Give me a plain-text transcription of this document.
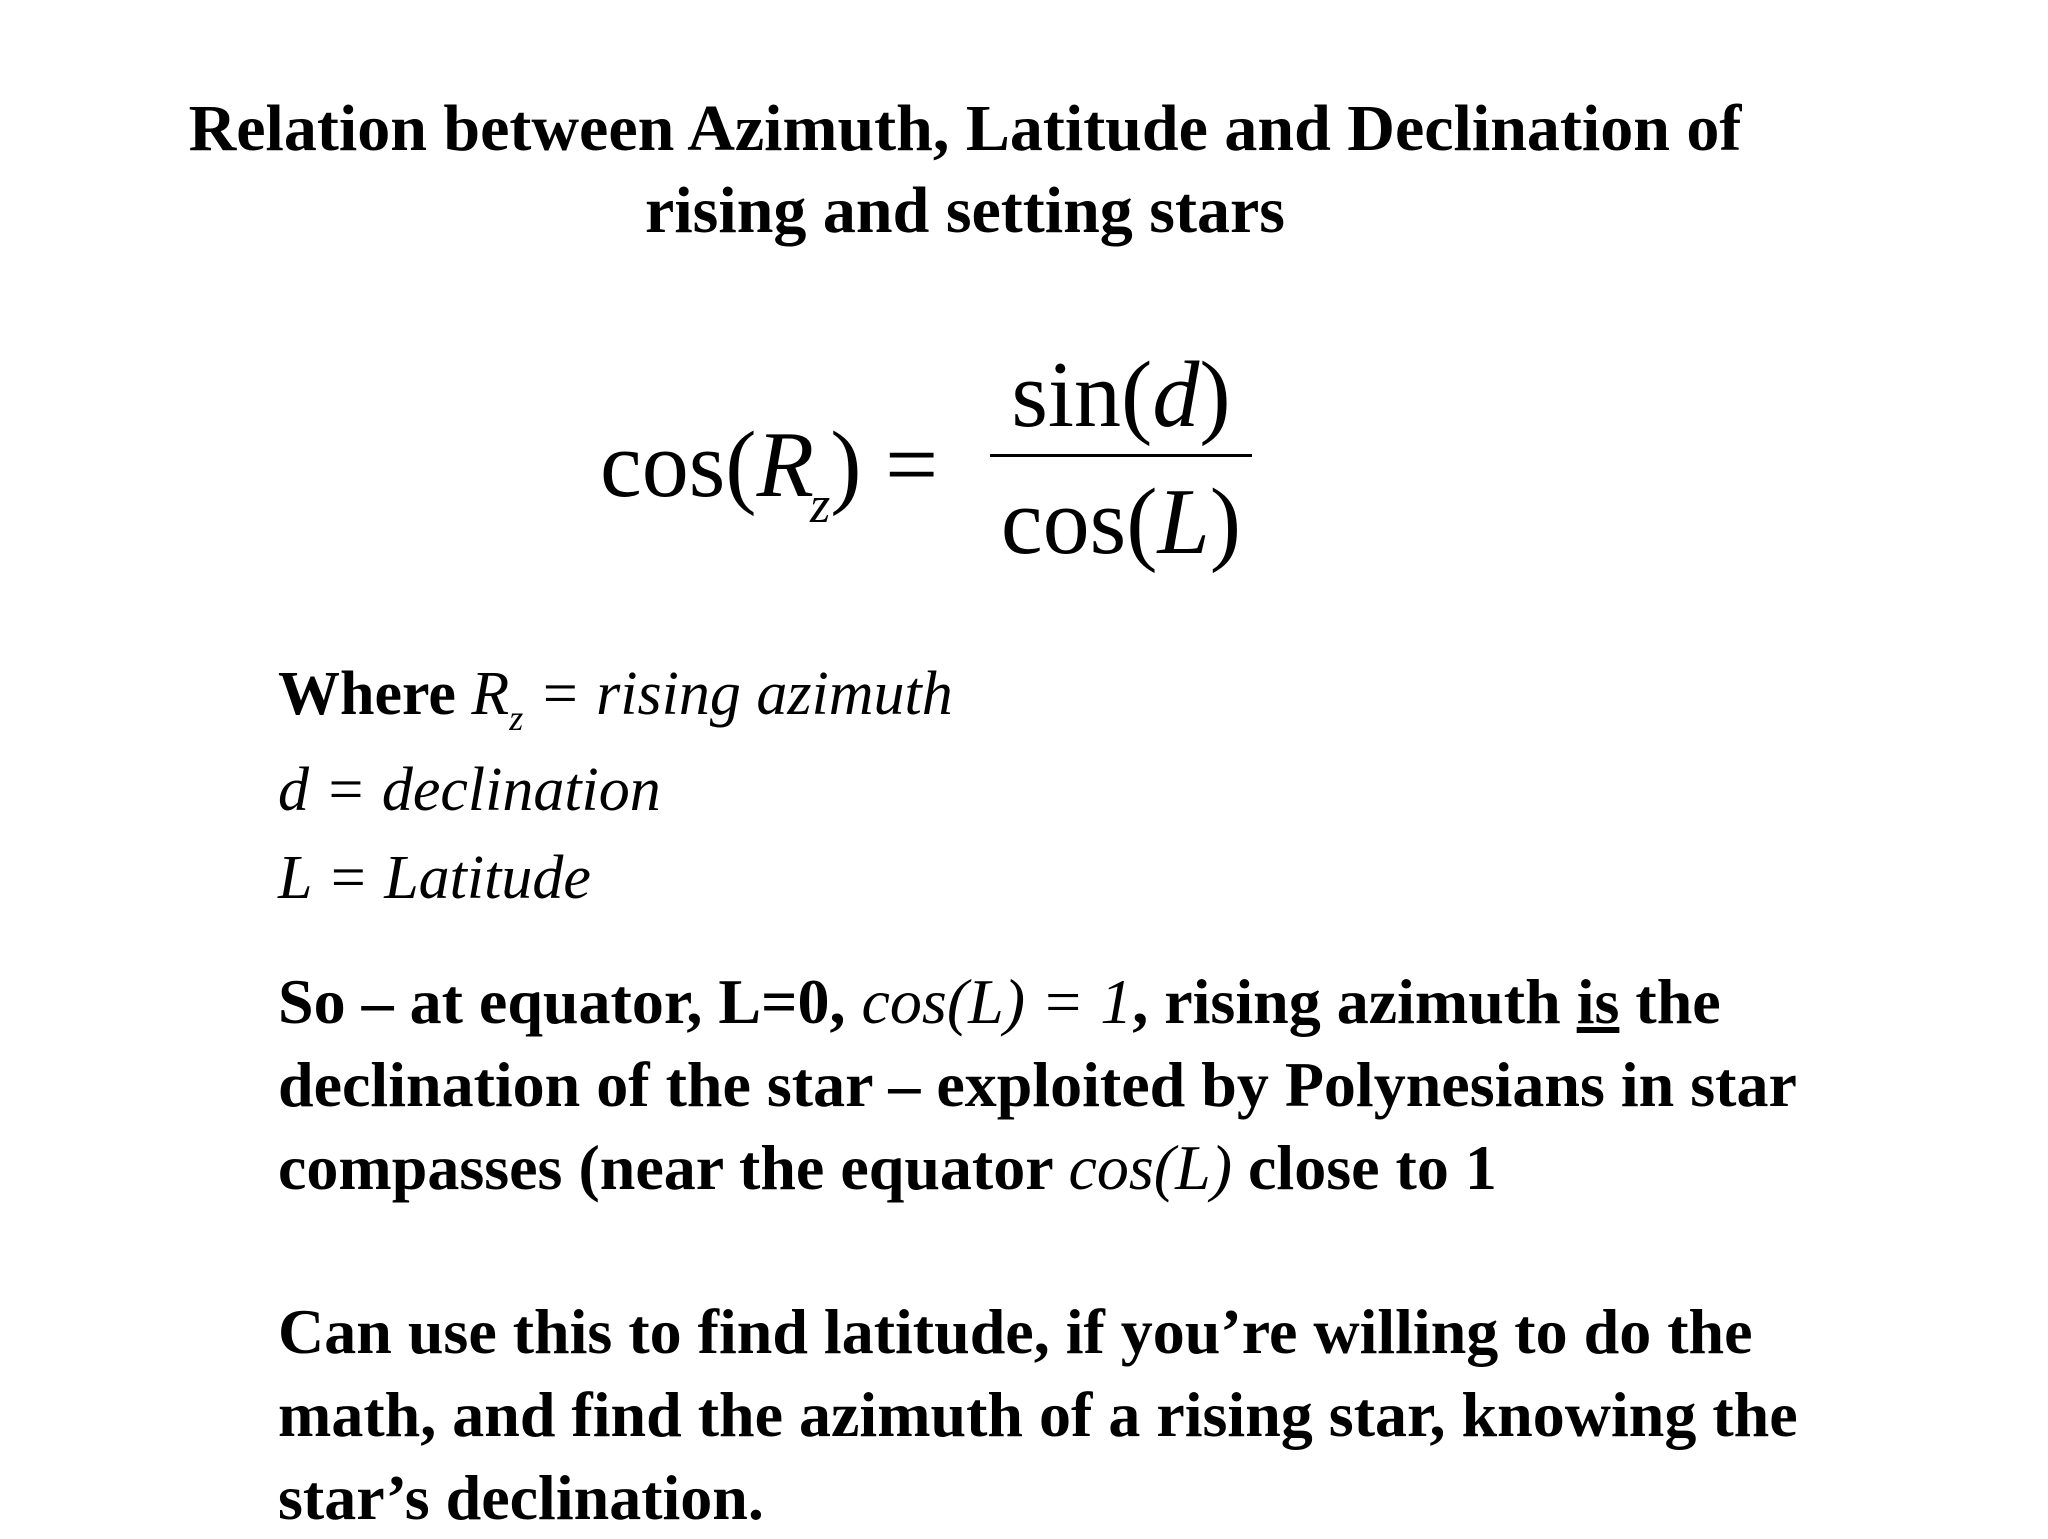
Relation between Azimuth, Latitude and Declination of
rising and setting stars
$\cos(R_z)$ =
sin(d)
cos(L)
Where $R_z = rising$ azimuth
d = declination
L = Latitude
So – at equator, L=0, cos(L) = 1, rising azimuth is the declination of the star – exploited by Polynesians in star compasses (near the equator cos(L) close to 1
Can use this to find latitude, if you’re willing to do the math, and find the azimuth of a rising star, knowing the star’s declination.
